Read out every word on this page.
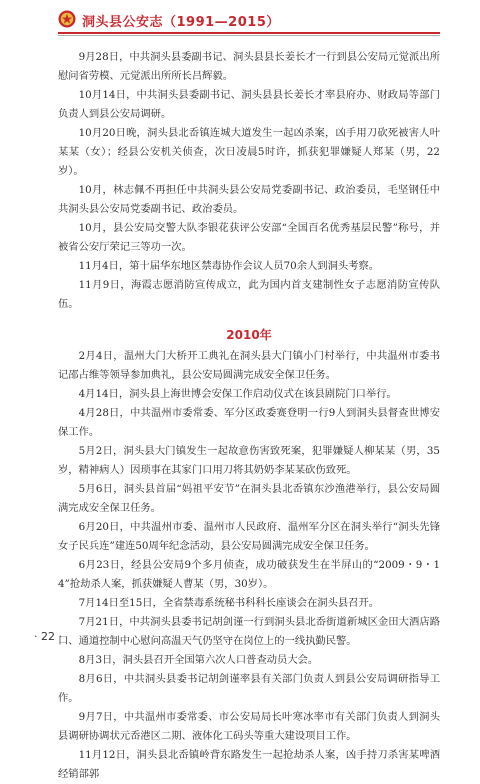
洞头县公安志（1991—2015）

9月28日，中共洞头县委副书记、洞头县县长姜长才一行到县公安局元觉派出所慰问省劳模、元觉派出所所长吕辉毅。

10月14日，中共洞头县委副书记、洞头县县长姜长才率县府办、财政局等部门负责人到县公安局调研。

10月20日晚，洞头县北岙镇连城大道发生一起凶杀案，凶手用刀砍死被害人叶某某（女）；经县公安机关侦查，次日凌晨5时许，抓获犯罪嫌疑人郑某（男，22岁）。

10月，林志佩不再担任中共洞头县公安局党委副书记、政治委员，毛坚钢任中共洞头县公安局党委副书记、政治委员。

10月，县公安局交警大队李银花获评公安部“全国百名优秀基层民警”称号，并被省公安厅荣记三等功一次。

11月4日，第十届华东地区禁毒协作会议人员70余人到洞头考察。

11月9日，海霞志愿消防宣传成立，此为国内首支建制性女子志愿消防宣传队伍。

2010年

2月4日，温州大门大桥开工典礼在洞头县大门镇小门村举行，中共温州市委书记邵占维等领导参加典礼，县公安局圆满完成安全保卫任务。

4月14日，洞头县上海世博会安保工作启动仪式在该县剧院门口举行。

4月28日，中共温州市委常委、军分区政委赛登明一行9人到洞头县督查世博安保工作。

5月2日，洞头县大门镇发生一起故意伤害致死案，犯罪嫌疑人柳某某（男，35岁，精神病人）因琐事在其家门口用刀将其奶奶李某某砍伤致死。

5月6日，洞头县首届“妈祖平安节”在洞头县北岙镇东沙渔港举行，县公安局圆满完成安全保卫任务。

6月20日，中共温州市委、温州市人民政府、温州军分区在洞头举行“洞头先锋女子民兵连”建连50周年纪念活动，县公安局圆满完成安全保卫任务。

6月23日，经县公安局9个多月侦查，成功破获发生在半屏山的“2009・9・14”抢劫杀人案，抓获嫌疑人曹某（男，30岁）。

7月14日至15日，全省禁毒系统秘书科科长座谈会在洞头县召开。

7月21日，中共洞头县委书记胡剑谨一行到洞头县北岙街道新城区金田大酒店路口、通道控制中心慰问高温天气仍坚守在岗位上的一线执勤民警。

8月3日，洞头县召开全国第六次人口普查动员大会。

8月6日，中共洞头县委书记胡剑谨率县有关部门负责人到县公安局调研指导工作。

9月7日，中共温州市委常委、市公安局局长叶寒冰率市有关部门负责人到洞头县调研协调状元岙港区二期、液体化工码头等重大建设项目工作。

11月12日，洞头县北岙镇岭背东路发生一起抢劫杀人案，凶手持刀杀害某啤酒经销部郭

· 22 ·
